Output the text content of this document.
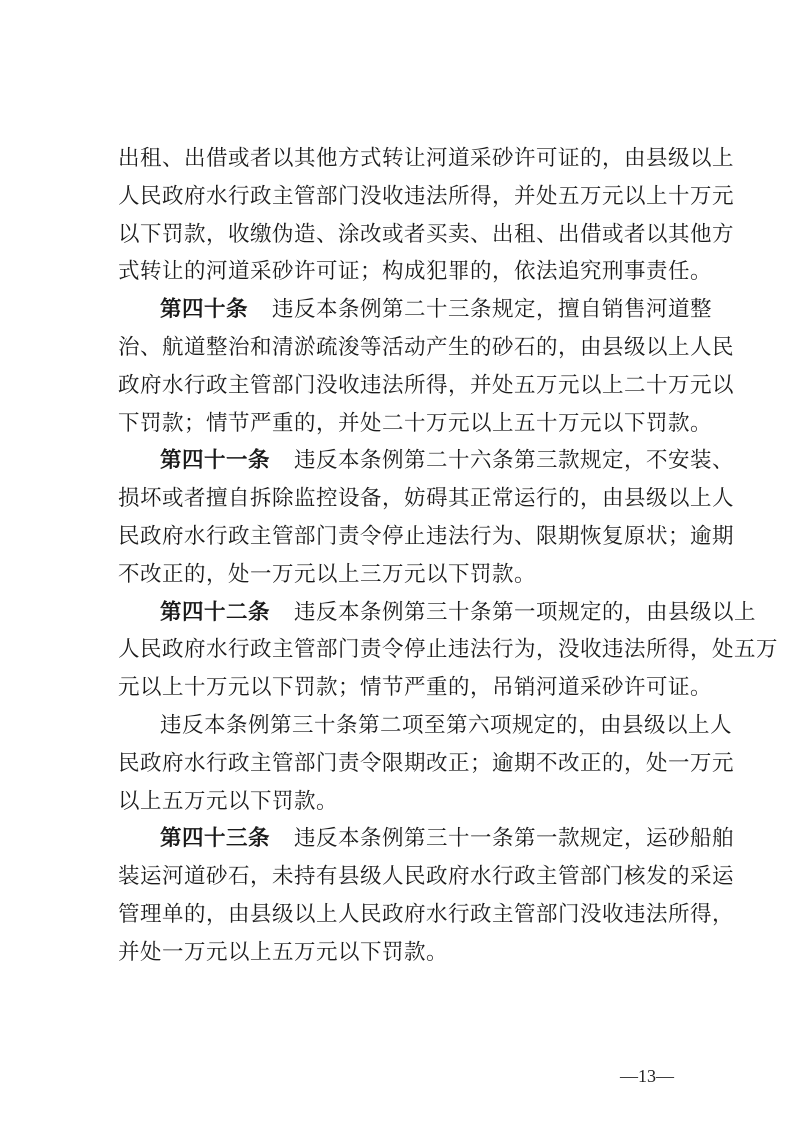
出租、出借或者以其他方式转让河道采砂许可证的，由县级以上
人民政府水行政主管部门没收违法所得，并处五万元以上十万元
以下罚款，收缴伪造、涂改或者买卖、出租、出借或者以其他方
式转让的河道采砂许可证；构成犯罪的，依法追究刑事责任。
第四十条 违反本条例第二十三条规定，擅自销售河道整
治、航道整治和清淤疏浚等活动产生的砂石的，由县级以上人民
政府水行政主管部门没收违法所得，并处五万元以上二十万元以
下罚款；情节严重的，并处二十万元以上五十万元以下罚款。
第四十一条 违反本条例第二十六条第三款规定，不安装、
损坏或者擅自拆除监控设备，妨碍其正常运行的，由县级以上人
民政府水行政主管部门责令停止违法行为、限期恢复原状；逾期
不改正的，处一万元以上三万元以下罚款。
第四十二条 违反本条例第三十条第一项规定的，由县级以上
人民政府水行政主管部门责令停止违法行为，没收违法所得，处五万
元以上十万元以下罚款；情节严重的，吊销河道采砂许可证。
违反本条例第三十条第二项至第六项规定的，由县级以上人
民政府水行政主管部门责令限期改正；逾期不改正的，处一万元
以上五万元以下罚款。
第四十三条 违反本条例第三十一条第一款规定，运砂船舶
装运河道砂石，未持有县级人民政府水行政主管部门核发的采运
管理单的，由县级以上人民政府水行政主管部门没收违法所得，
并处一万元以上五万元以下罚款。
—13—
